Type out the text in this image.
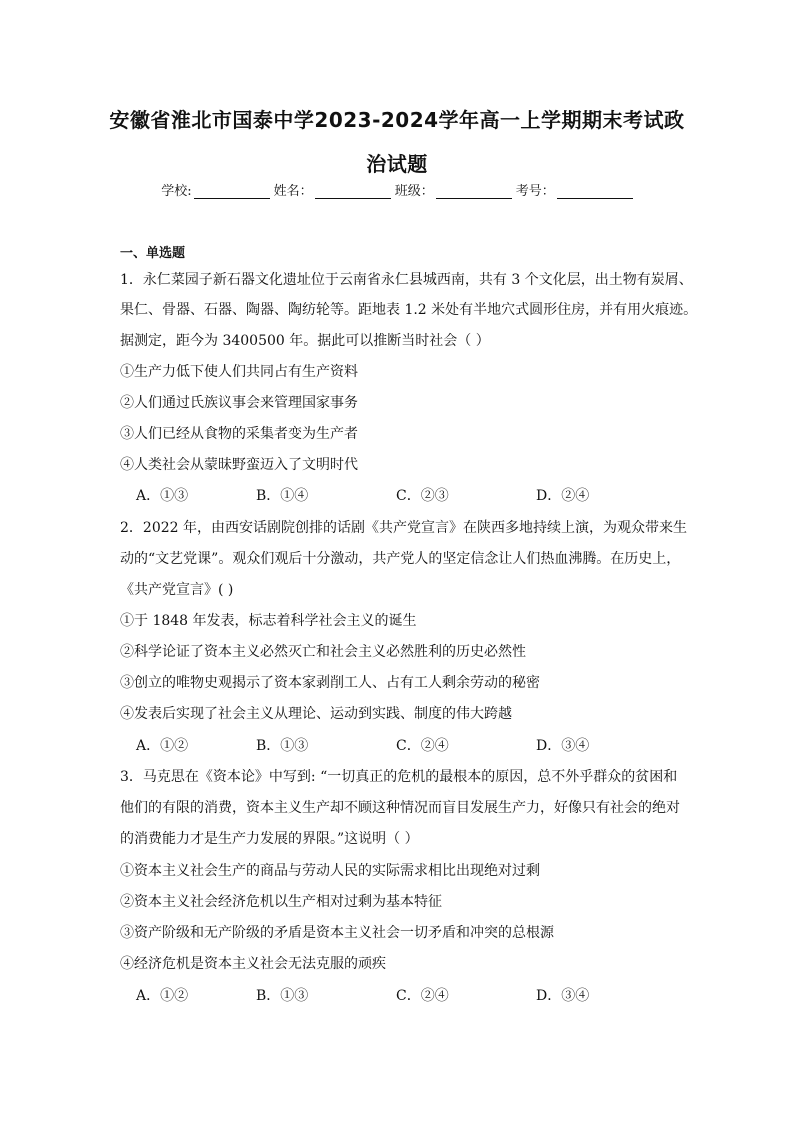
安徽省淮北市国泰中学2023-2024学年高一上学期期末考试政
治试题
学校:	姓名：	班级：	考号：
一、单选题
1．永仁菜园子新石器文化遗址位于云南省永仁县城西南，共有 3 个文化层，出土物有炭屑、
果仁、骨器、石器、陶器、陶纺轮等。距地表 1.2 米处有半地穴式圆形住房，并有用火痕迹。
据测定，距今为 3400500 年。据此可以推断当时社会（ ）
①生产力低下使人们共同占有生产资料
②人们通过氏族议事会来管理国家事务
③人们已经从食物的采集者变为生产者
④人类社会从蒙昧野蛮迈入了文明时代
A．①③	B．①④	C．②③	D．②④
2．2022 年，由西安话剧院创排的话剧《共产党宣言》在陕西多地持续上演，为观众带来生
动的“文艺党课”。观众们观后十分激动，共产党人的坚定信念让人们热血沸腾。在历史上，
《共产党宣言》( )
①于 1848 年发表，标志着科学社会主义的诞生
②科学论证了资本主义必然灭亡和社会主义必然胜利的历史必然性
③创立的唯物史观揭示了资本家剥削工人、占有工人剩余劳动的秘密
④发表后实现了社会主义从理论、运动到实践、制度的伟大跨越
A．①②	B．①③	C．②④	D．③④
3．马克思在《资本论》中写到: “一切真正的危机的最根本的原因，总不外乎群众的贫困和
他们的有限的消费，资本主义生产却不顾这种情况而盲目发展生产力，好像只有社会的绝对
的消费能力才是生产力发展的界限。”这说明（ ）
①资本主义社会生产的商品与劳动人民的实际需求相比出现绝对过剩
②资本主义社会经济危机以生产相对过剩为基本特征
③资产阶级和无产阶级的矛盾是资本主义社会一切矛盾和冲突的总根源
④经济危机是资本主义社会无法克服的顽疾
A．①②	B．①③	C．②④	D．③④
